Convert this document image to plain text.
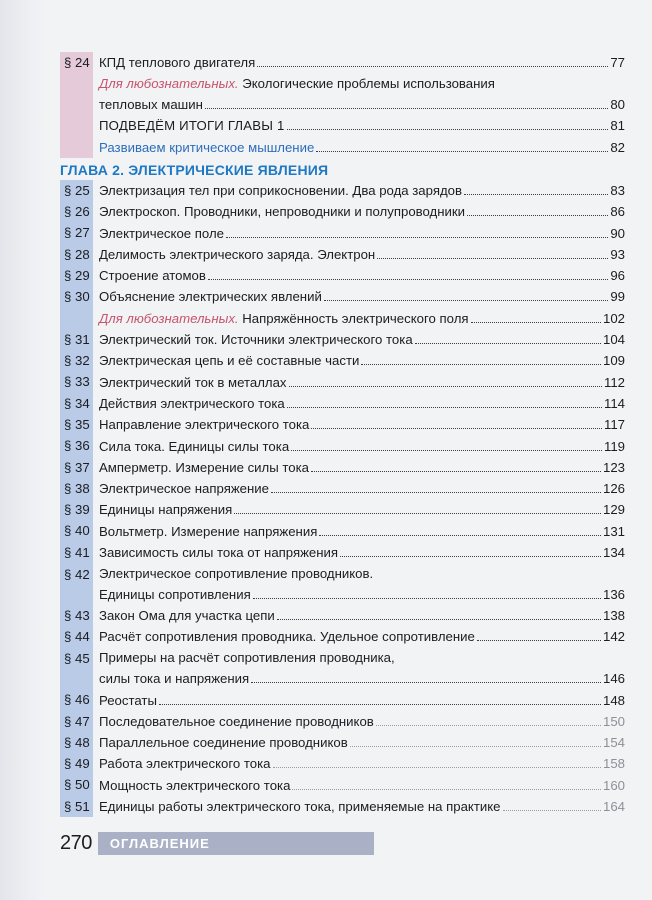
§ 24 КПД теплового двигателя	77
Для любознательных. Экологические проблемы использования
тепловых машин	80
ПОДВЕДЁМ ИТОГИ ГЛАВЫ 1	81
Развиваем критическое мышление	82
ГЛАВА 2. ЭЛЕКТРИЧЕСКИЕ ЯВЛЕНИЯ
§ 25 Электризация тел при соприкосновении. Два рода зарядов	83
§ 26 Электроскоп. Проводники, непроводники и полупроводники	86
§ 27 Электрическое поле	90
§ 28 Делимость электрического заряда. Электрон	93
§ 29 Строение атомов	96
§ 30 Объяснение электрических явлений	99
Для любознательных. Напряжённость электрического поля	102
§ 31 Электрический ток. Источники электрического тока	104
§ 32 Электрическая цепь и её составные части	109
§ 33 Электрический ток в металлах	112
§ 34 Действия электрического тока	114
§ 35 Направление электрического тока	117
§ 36 Сила тока. Единицы силы тока	119
§ 37 Амперметр. Измерение силы тока	123
§ 38 Электрическое напряжение	126
§ 39 Единицы напряжения	129
§ 40 Вольтметр. Измерение напряжения	131
§ 41 Зависимость силы тока от напряжения	134
§ 42 Электрическое сопротивление проводников.
Единицы сопротивления	136
§ 43 Закон Ома для участка цепи	138
§ 44 Расчёт сопротивления проводника. Удельное сопротивление	142
§ 45 Примеры на расчёт сопротивления проводника,
силы тока и напряжения	146
§ 46 Реостаты	148
§ 47 Последовательное соединение проводников	150
§ 48 Параллельное соединение проводников	154
§ 49 Работа электрического тока	158
§ 50 Мощность электрического тока	160
§ 51 Единицы работы электрического тока, применяемые на практике	164
270	ОГЛАВЛЕНИЕ
